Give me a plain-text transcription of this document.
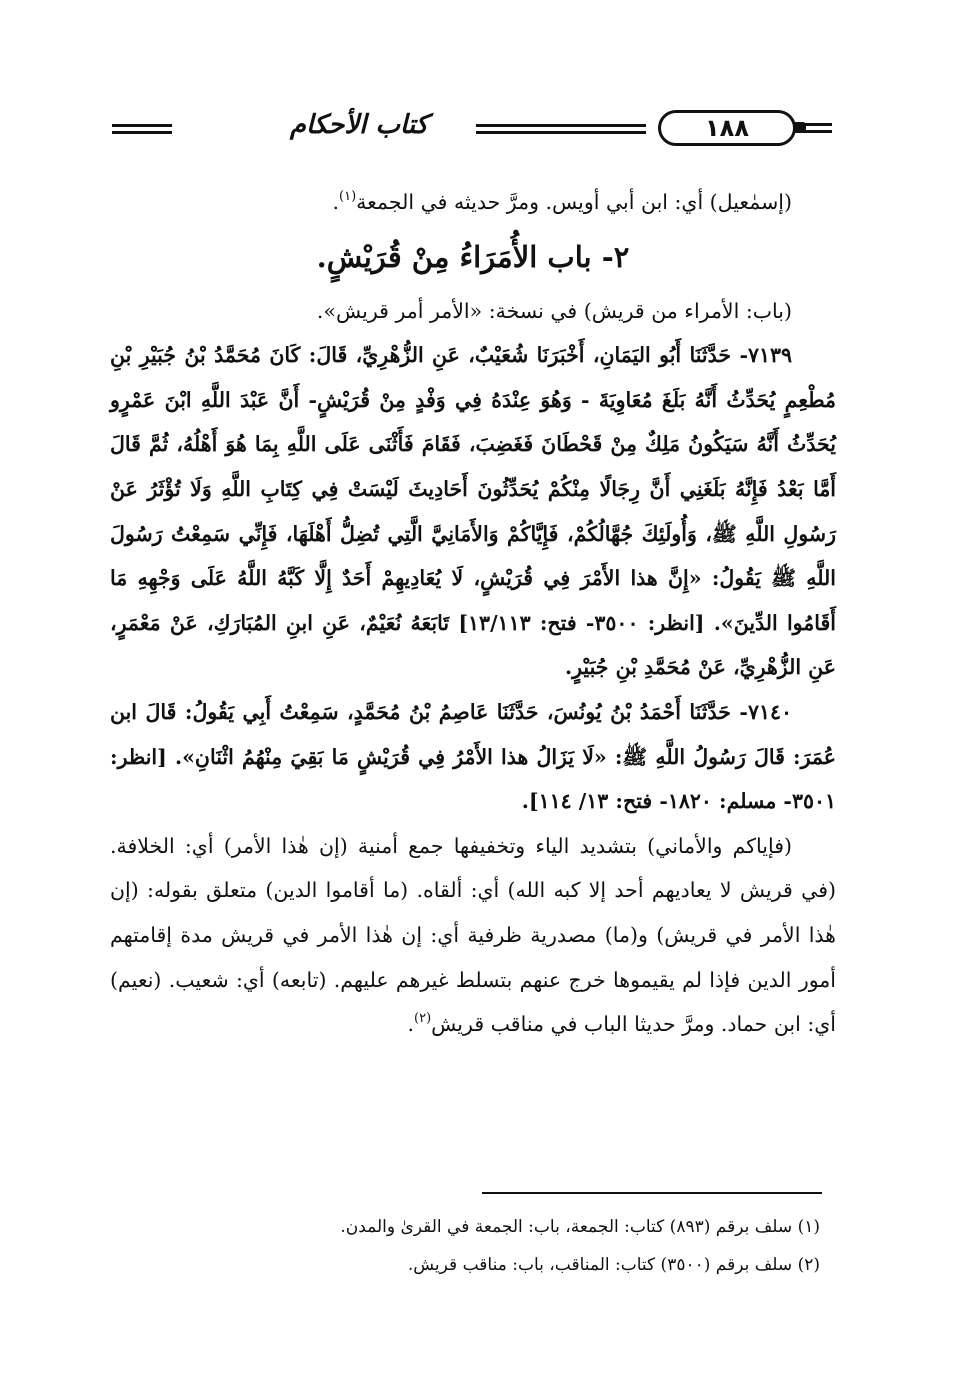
١٨٨
كتاب الأحكام

(إسمٰعيل) أي: ابن أبي أويس. ومرَّ حديثه في الجمعة$^{(١)}$.

٢- باب الأُمَرَاءُ مِنْ قُرَيْشٍ.

(باب: الأمراء من قريش) في نسخة: «الأمر أمر قريش».

٧١٣٩- حَدَّثَنَا أَبُو اليَمَانِ، أَخْبَرَنَا شُعَيْبٌ، عَنِ الزُّهْرِيِّ، قَالَ: كَانَ مُحَمَّدُ بْنُ جُبَيْرِ بْنِ مُطْعِمٍ يُحَدِّثُ أَنَّهُ بَلَغَ مُعَاوِيَةَ - وَهُوَ عِنْدَهُ فِي وَفْدٍ مِنْ قُرَيْشٍ- أَنَّ عَبْدَ اللَّهِ ابْنَ عَمْرٍو يُحَدِّثُ أَنَّهُ سَيَكُونُ مَلِكٌ مِنْ قَحْطَانَ فَغَضِبَ، فَقَامَ فَأَثْنَى عَلَى اللَّهِ بِمَا هُوَ أَهْلُهُ، ثُمَّ قَالَ أَمَّا بَعْدُ فَإِنَّهُ بَلَغَنِي أَنَّ رِجَالًا مِنْكُمْ يُحَدِّثُونَ أَحَادِيثَ لَيْسَتْ فِي كِتَابِ اللَّهِ وَلَا تُؤْثَرُ عَنْ رَسُولِ اللَّهِ ﷺ، وَأُولَئِكَ جُهَّالُكُمْ، فَإِيَّاكُمْ وَالأَمَانِيَّ الَّتِي تُضِلُّ أَهْلَهَا، فَإِنِّي سَمِعْتُ رَسُولَ اللَّهِ ﷺ يَقُولُ: «إِنَّ هذا الأَمْرَ فِي قُرَيْشٍ، لَا يُعَادِيهِمْ أَحَدٌ إِلَّا كَبَّهُ اللَّهُ عَلَى وَجْهِهِ مَا أَقَامُوا الدِّينَ». [انظر: ٣٥٠٠- فتح: ١٣/١١٣] تَابَعَهُ نُعَيْمٌ، عَنِ ابنِ المُبَارَكِ، عَنْ مَعْمَرٍ، عَنِ الزُّهْرِيِّ، عَنْ مُحَمَّدِ بْنِ جُبَيْرٍ.

٧١٤٠- حَدَّثَنَا أَحْمَدُ بْنُ يُونُسَ، حَدَّثَنَا عَاصِمُ بْنُ مُحَمَّدٍ، سَمِعْتُ أَبِي يَقُولُ: قَالَ ابن عُمَرَ: قَالَ رَسُولُ اللَّهِ ﷺ: «لَا يَزَالُ هذا الأَمْرُ فِي قُرَيْشٍ مَا بَقِيَ مِنْهُمُ اثْنَانِ». [انظر: ٣٥٠١- مسلم: ١٨٢٠- فتح: ١٣/ ١١٤].

(فإياكم والأماني) بتشديد الياء وتخفيفها جمع أمنية (إن هٰذا الأمر) أي: الخلافة. (في قريش لا يعاديهم أحد إلا كبه الله) أي: ألقاه. (ما أقاموا الدين) متعلق بقوله: (إن هٰذا الأمر في قريش) و(ما) مصدرية ظرفية أي: إن هٰذا الأمر في قريش مدة إقامتهم أمور الدين فإذا لم يقيموها خرج عنهم بتسلط غيرهم عليهم. (تابعه) أي: شعيب. (نعيم) أي: ابن حماد. ومرَّ حديثا الباب في مناقب قريش$^{(٢)}$.

(١) سلف برقم (٨٩٣) كتاب: الجمعة، باب: الجمعة في القرىٰ والمدن.

(٢) سلف برقم (٣٥٠٠) كتاب: المناقب، باب: مناقب قريش.
